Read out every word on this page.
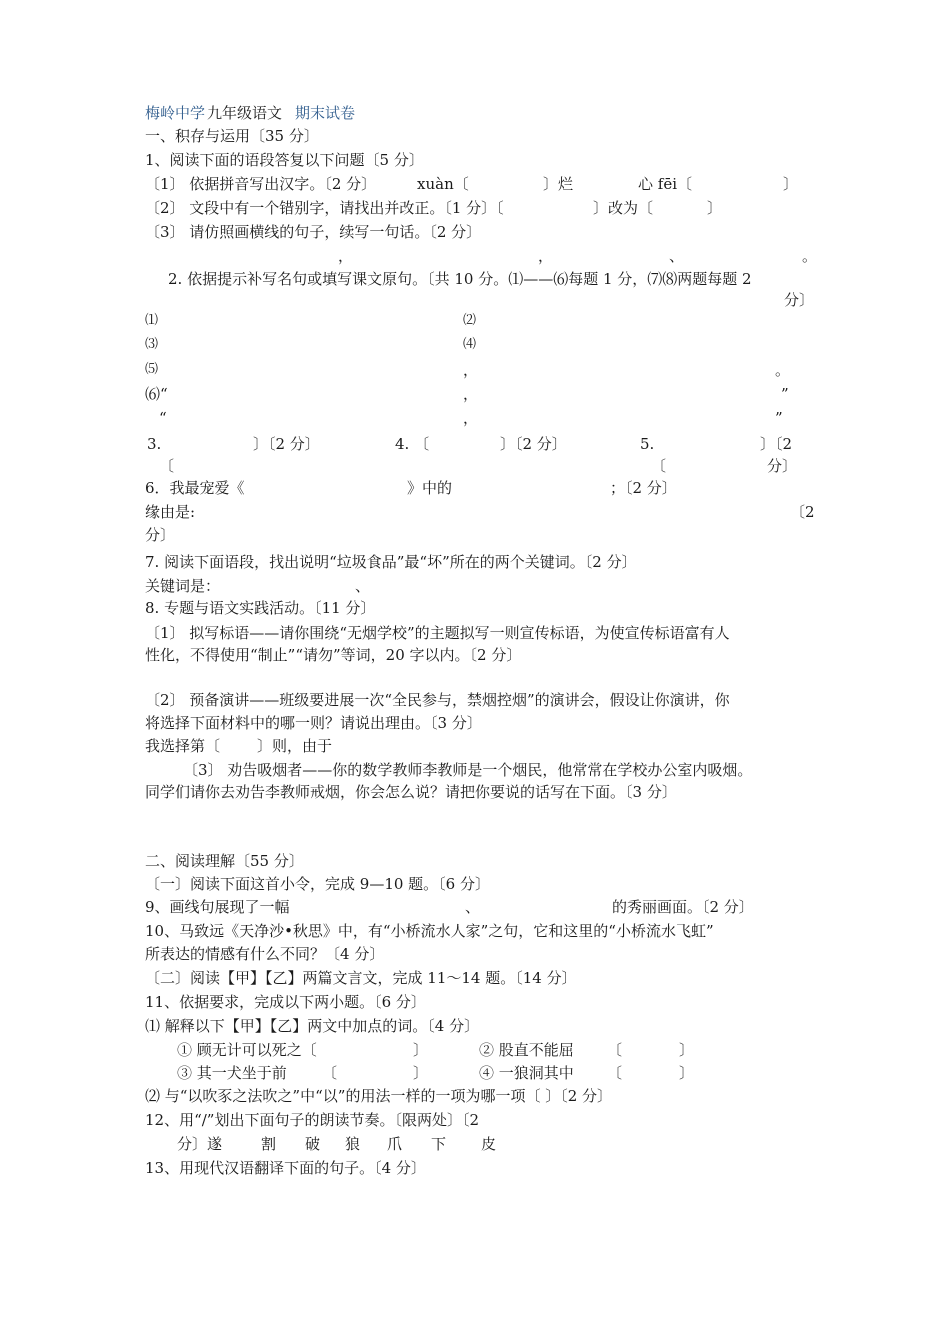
梅岭中学 九年级语文 期末试卷
一、积存与运用〔35 分〕
1、阅读下面的语段答复以下问题〔5 分〕
〔1〕 依据拼音写出汉字。〔2 分〕	xuàn〔	〕烂	心 fēi〔	〕
〔2〕 文段中有一个错别字，请找出并改正。〔1 分〕〔	〕改为〔	〕
〔3〕 请仿照画横线的句子，续写一句话。〔2 分〕
，	，	、	。
2. 依据提示补写名句或填写课文原句。〔共 10 分。⑴——⑹每题 1 分，⑺⑻两题每题 2
分〕
⑴	⑵
⑶	⑷
⑸	，	。
⑹“	，	”
“	，	”
3.	〕〔2 分〕	4. 〔	〕〔2 分〕	5.	〕〔2
〔	〔	分〕
6．我最宠爱《	》中的	；〔2 分〕
缘由是:	〔2
分〕
7. 阅读下面语段，找出说明“垃圾食品”最“坏”所在的两个关键词。〔2 分〕
关键词是：	、
8. 专题与语文实践活动。〔11 分〕
〔1〕 拟写标语——请你围绕“无烟学校”的主题拟写一则宣传标语，为使宣传标语富有人
性化，不得使用“制止”“请勿”等词，20 字以内。〔2 分〕
〔2〕 预备演讲——班级要进展一次“全民参与，禁烟控烟”的演讲会，假设让你演讲，你
将选择下面材料中的哪一则？请说出理由。〔3 分〕
我选择第〔 〕则，由于
〔3〕 劝告吸烟者——你的数学教师李教师是一个烟民，他常常在学校办公室内吸烟。
同学们请你去劝告李教师戒烟，你会怎么说？请把你要说的话写在下面。〔3 分〕
二、阅读理解〔55 分〕
〔一〕阅读下面这首小令，完成 9—10 题。〔6 分〕
9、画线句展现了一幅	、	的秀丽画面。〔2 分〕
10、马致远《天净沙•秋思》中，有“小桥流水人家”之句，它和这里的“小桥流水飞虹”
所表达的情感有什么不同？〔4 分〕
〔二〕阅读【甲】【乙】两篇文言文，完成 11～14 题。〔14 分〕
11、依据要求，完成以下两小题。〔6 分〕
⑴ 解释以下【甲】【乙】两文中加点的词。〔4 分〕
① 顾无计可以死之〔	〕	② 股直不能屈 〔	〕
③ 其一犬坐于前 〔	〕	④ 一狼洞其中 〔	〕
⑵ 与“以吹豕之法吹之”中“以”的用法一样的一项为哪一项〔 〕〔2 分〕
12、用“/”划出下面句子的朗读节奏。〔限两处〕〔2
分〕遂	割 破 狼 爪 下 皮
13、用现代汉语翻译下面的句子。〔4 分〕
